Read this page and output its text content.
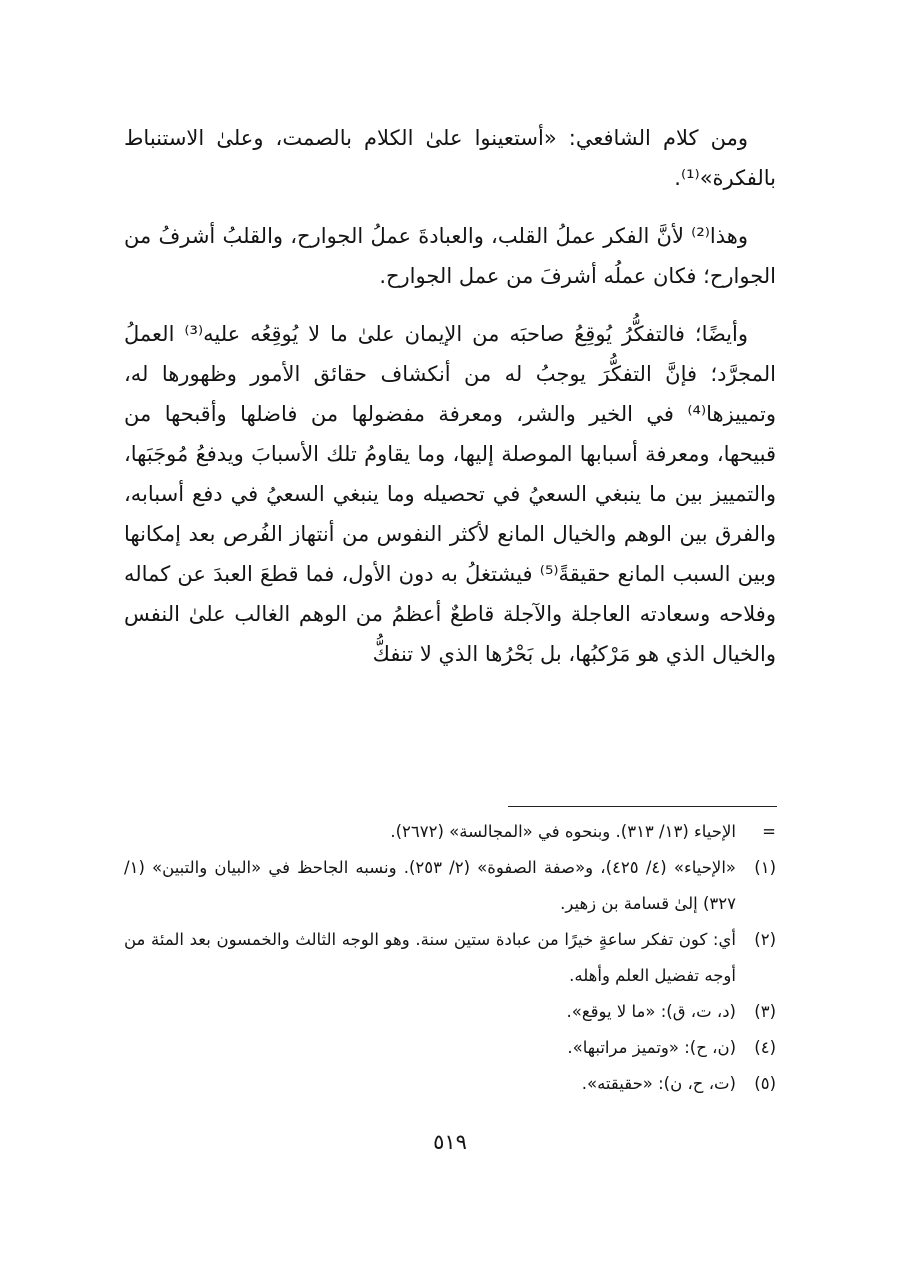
ومن كلام الشافعي: «أستعينوا علىٰ الكلام بالصمت، وعلىٰ الاستنباط بالفكرة»⁽¹⁾.

وهذا⁽²⁾ لأنَّ الفكر عملُ القلب، والعبادةَ عملُ الجوارح، والقلبُ أشرفُ من الجوارح؛ فكان عملُه أشرفَ من عمل الجوارح.

وأيضًا؛ فالتفكُّرُ يُوقِعُ صاحبَه من الإيمان علىٰ ما لا يُوقِعُه عليه⁽³⁾ العملُ المجرَّد؛ فإنَّ التفكُّرَ يوجبُ له من أنكشاف حقائق الأمور وظهورها له، وتمييزها⁽⁴⁾ في الخير والشر، ومعرفة مفضولها من فاضلها وأقبحها من قبيحها، ومعرفة أسبابها الموصلة إليها، وما يقاومُ تلك الأسبابَ ويدفعُ مُوجَبَها، والتمييز بين ما ينبغي السعيُ في تحصيله وما ينبغي السعيُ في دفع أسبابه، والفرق بين الوهم والخيال المانع لأكثر النفوس من أنتهاز الفُرص بعد إمكانها وبين السبب المانع حقيقةً⁽⁵⁾ فيشتغلُ به دون الأول، فما قطعَ العبدَ عن كماله وفلاحه وسعادته العاجلة والآجلة قاطعٌ أعظمُ من الوهم الغالب علىٰ النفس والخيال الذي هو مَرْكبُها، بل بَحْرُها الذي لا تنفكُّ

=
الإحياء (١٣/ ٣١٣). وبنحوه في «المجالسة» (٢٦٧٢).
(١)
«الإحياء» (٤/ ٤٢٥)، و«صفة الصفوة» (٢/ ٢٥٣). ونسبه الجاحظ في «البيان والتبين» (١/ ٣٢٧) إلىٰ قسامة بن زهير.
(٢)
أي: كون تفكر ساعةٍ خيرًا من عبادة ستين سنة. وهو الوجه الثالث والخمسون بعد المئة من أوجه تفضيل العلم وأهله.
(٣)
(د، ت، ق): «ما لا يوقع».
(٤)
(ن، ح): «وتميز مراتبها».
(٥)
(ت، ح، ن): «حقيقته».
٥١٩
